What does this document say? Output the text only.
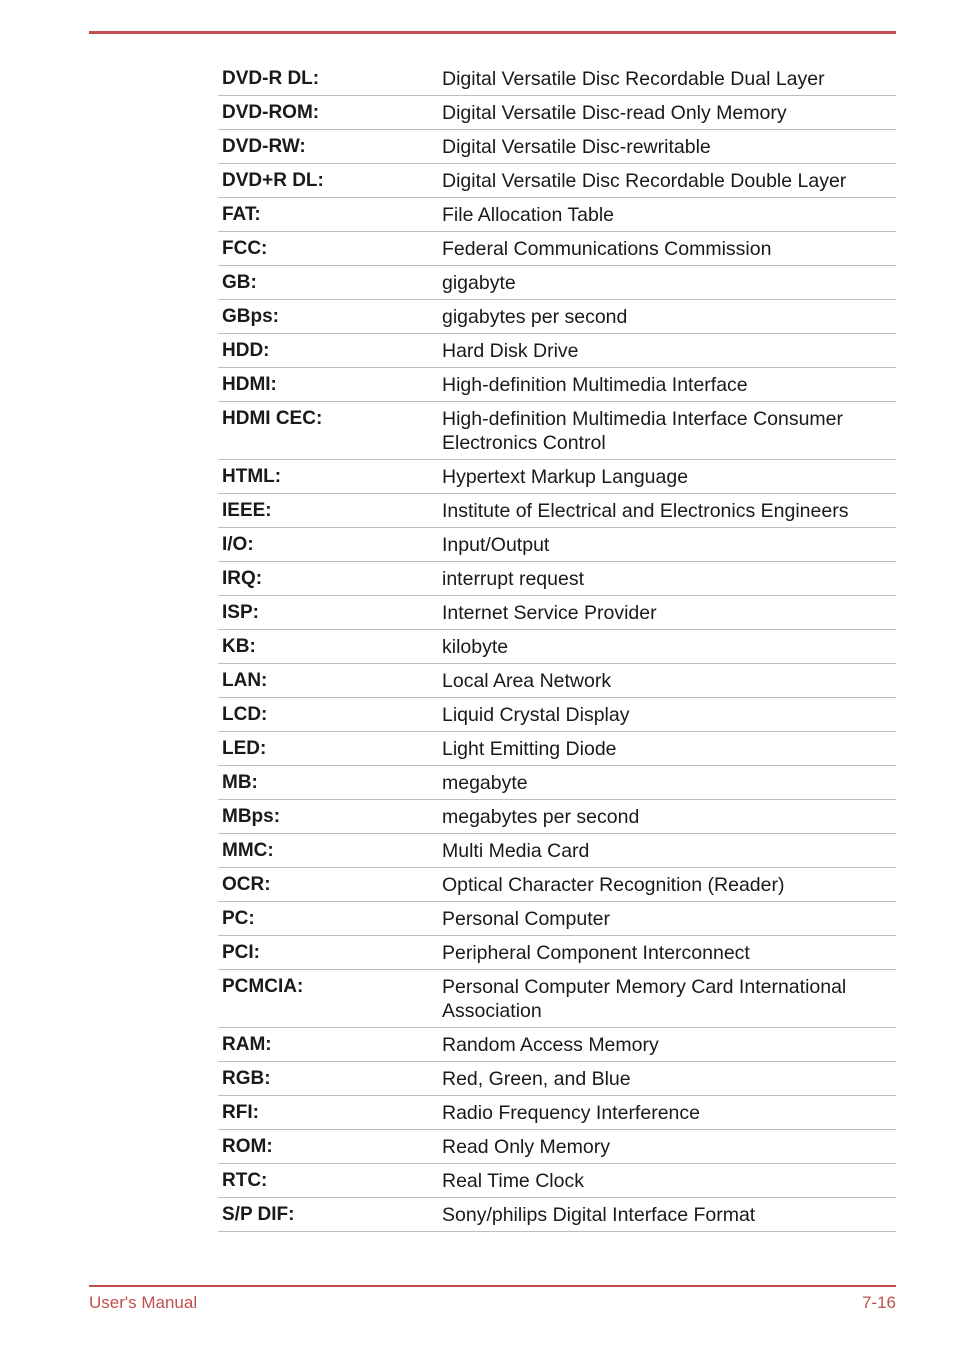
DVD-R DL:	Digital Versatile Disc Recordable Dual Layer
DVD-ROM:	Digital Versatile Disc-read Only Memory
DVD-RW:	Digital Versatile Disc-rewritable
DVD+R DL:	Digital Versatile Disc Recordable Double Layer
FAT:	File Allocation Table
FCC:	Federal Communications Commission
GB:	gigabyte
GBps:	gigabytes per second
HDD:	Hard Disk Drive
HDMI:	High-definition Multimedia Interface
HDMI CEC:	High-definition Multimedia Interface Consumer Electronics Control
HTML:	Hypertext Markup Language
IEEE:	Institute of Electrical and Electronics Engineers
I/O:	Input/Output
IRQ:	interrupt request
ISP:	Internet Service Provider
KB:	kilobyte
LAN:	Local Area Network
LCD:	Liquid Crystal Display
LED:	Light Emitting Diode
MB:	megabyte
MBps:	megabytes per second
MMC:	Multi Media Card
OCR:	Optical Character Recognition (Reader)
PC:	Personal Computer
PCI:	Peripheral Component Interconnect
PCMCIA:	Personal Computer Memory Card International Association
RAM:	Random Access Memory
RGB:	Red, Green, and Blue
RFI:	Radio Frequency Interference
ROM:	Read Only Memory
RTC:	Real Time Clock
S/P DIF:	Sony/philips Digital Interface Format
User's Manual	7-16
